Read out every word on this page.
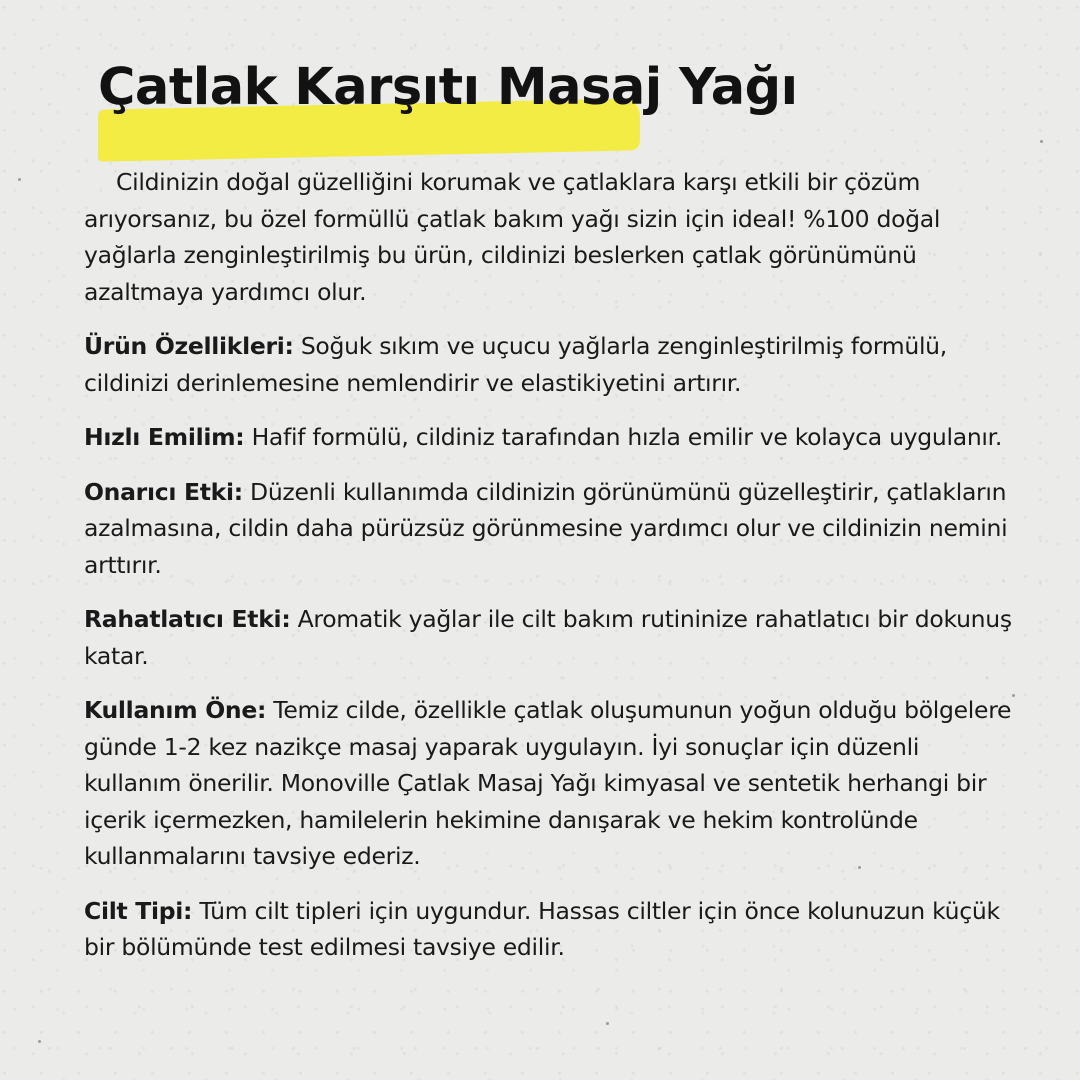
Çatlak Karşıtı Masaj Yağı

Cildinizin doğal güzelliğini korumak ve çatlaklara karşı etkili bir çözüm arıyorsanız, bu özel formüllü çatlak bakım yağı sizin için ideal! %100 doğal yağlarla zenginleştirilmiş bu ürün, cildinizi beslerken çatlak görünümünü azaltmaya yardımcı olur.

Ürün Özellikleri: Soğuk sıkım ve uçucu yağlarla zenginleştirilmiş formülü, cildinizi derinlemesine nemlendirir ve elastikiyetini artırır.

Hızlı Emilim: Hafif formülü, cildiniz tarafından hızla emilir ve kolayca uygulanır.

Onarıcı Etki: Düzenli kullanımda cildinizin görünümünü güzelleştirir, çatlakların azalmasına, cildin daha pürüzsüz görünmesine yardımcı olur ve cildinizin nemini arttırır.

Rahatlatıcı Etki: Aromatik yağlar ile cilt bakım rutininize rahatlatıcı bir dokunuş katar.

Kullanım Öne: Temiz cilde, özellikle çatlak oluşumunun yoğun olduğu bölgelere günde 1-2 kez nazikçe masaj yaparak uygulayın. İyi sonuçlar için düzenli kullanım önerilir. Monoville Çatlak Masaj Yağı kimyasal ve sentetik herhangi bir içerik içermezken, hamilelerin hekimine danışarak ve hekim kontrolünde kullanmalarını tavsiye ederiz.

Cilt Tipi: Tüm cilt tipleri için uygundur. Hassas ciltler için önce kolunuzun küçük bir bölümünde test edilmesi tavsiye edilir.
